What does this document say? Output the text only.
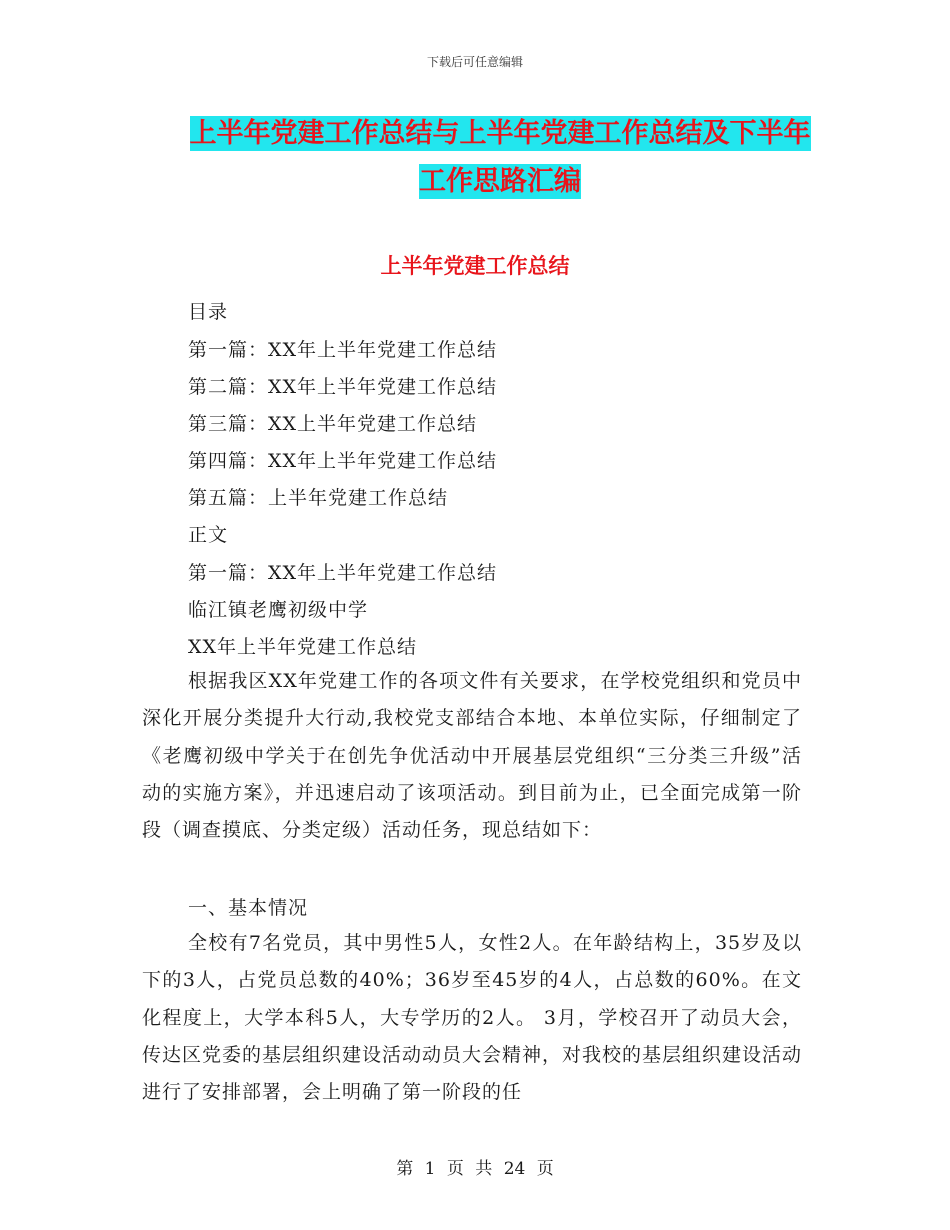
下载后可任意编辑
上半年党建工作总结与上半年党建工作总结及下半年
工作思路汇编
上半年党建工作总结
目录
第一篇：XX年上半年党建工作总结
第二篇：XX年上半年党建工作总结
第三篇：XX上半年党建工作总结
第四篇：XX年上半年党建工作总结
第五篇：上半年党建工作总结
正文
第一篇：XX年上半年党建工作总结
临江镇老鹰初级中学
XX年上半年党建工作总结

根据我区XX年党建工作的各项文件有关要求，在学校党组织和党员中深化开展分类提升大行动,我校党支部结合本地、本单位实际，仔细制定了《老鹰初级中学关于在创先争优活动中开展基层党组织“三分类三升级”活动的实施方案》，并迅速启动了该项活动。到目前为止，已全面完成第一阶段（调查摸底、分类定级）活动任务，现总结如下：

一、基本情况

全校有7名党员，其中男性5人，女性2人。在年龄结构上，35岁及以下的3人，占党员总数的40%；36岁至45岁的4人，占总数的60%。在文化程度上，大学本科5人，大专学历的2人。 3月，学校召开了动员大会，传达区党委的基层组织建设活动动员大会精神，对我校的基层组织建设活动进行了安排部署，会上明确了第一阶段的任

第 1 页 共 24 页
